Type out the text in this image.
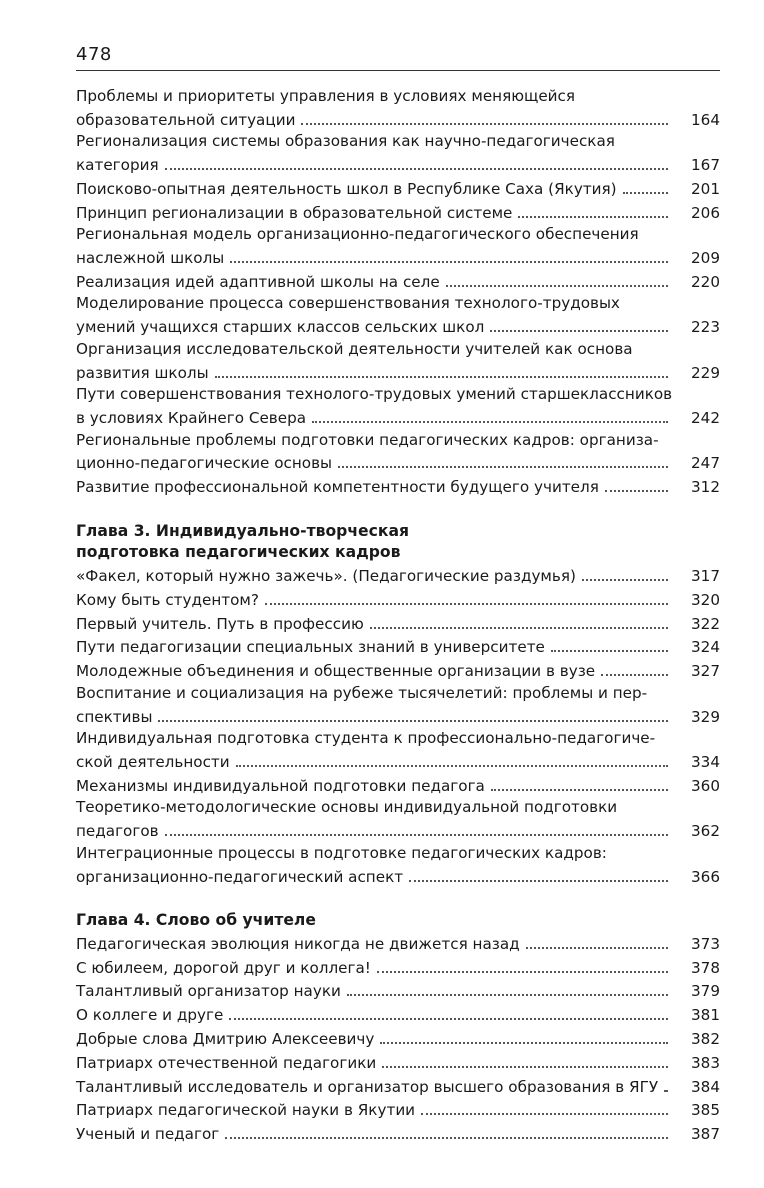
478
Проблемы и приоритеты управления в условиях меняющейся
образовательной ситуации	164
Регионализация системы образования как научно-педагогическая
категория	167
Поисково-опытная деятельность школ в Республике Саха (Якутия)	201
Принцип регионализации в образовательной системе	206
Региональная модель организационно-педагогического обеспечения
наслежной школы	209
Реализация идей адаптивной школы на селе	220
Моделирование процесса совершенствования технолого-трудовых
умений учащихся старших классов сельских школ	223
Организация исследовательской деятельности учителей как основа
развития школы	229
Пути совершенствования технолого-трудовых умений старшеклассников
в условиях Крайнего Севера	242
Региональные проблемы подготовки педагогических кадров: организа-
ционно-педагогические основы	247
Развитие профессиональной компетентности будущего учителя	312
Глава 3. Индивидуально-творческая
подготовка педагогических кадров
«Факел, который нужно зажечь». (Педагогические раздумья)	317
Кому быть студентом?	320
Первый учитель. Путь в профессию	322
Пути педагогизации специальных знаний в университете	324
Молодежные объединения и общественные организации в вузе	327
Воспитание и социализация на рубеже тысячелетий: проблемы и пер-
спективы	329
Индивидуальная подготовка студента к профессионально-педагогиче-
ской деятельности	334
Механизмы индивидуальной подготовки педагога	360
Теоретико-методологические основы индивидуальной подготовки
педагогов	362
Интеграционные процессы в подготовке педагогических кадров:
организационно-педагогический аспект	366
Глава 4. Слово об учителе
Педагогическая эволюция никогда не движется назад	373
С юбилеем, дорогой друг и коллега!	378
Талантливый организатор науки	379
О коллеге и друге	381
Добрые слова Дмитрию Алексеевичу	382
Патриарх отечественной педагогики	383
Талантливый исследователь и организатор высшего образования в ЯГУ	384
Патриарх педагогической науки в Якутии	385
Ученый и педагог	387
